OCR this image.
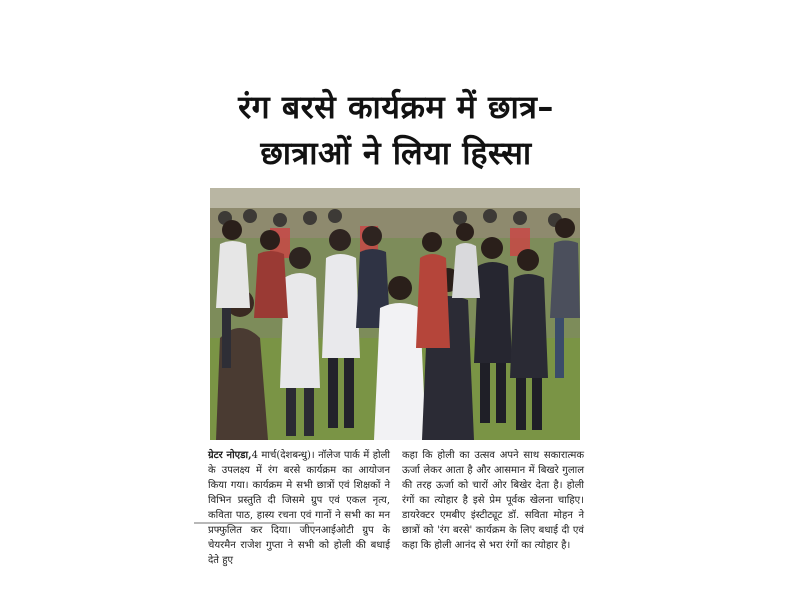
रंग बरसे कार्यक्रम में छात्र–
छात्राओं ने लिया हिस्सा

ग्रेटर नोएडा,4 मार्च(देशबन्धु)। नॉलेज पार्क में होली के उपलक्ष्य में रंग बरसे कार्यक्रम का आयोजन किया गया। कार्यक्रम मे सभी छात्रों एवं शिक्षकों ने विभिन प्रस्तुति दी जिसमे ग्रुप एवं एकल नृत्य, कविता पाठ, हास्य रचना एवं गानों ने सभी का मन प्रफ्फुलित कर दिया। जीएनआईओटी ग्रुप के चेयरमैन राजेश गुप्ता ने सभी को होली की बधाई देते हुए

कहा कि होली का उत्सव अपने साथ सकारात्मक ऊर्जा लेकर आता है और आसमान में बिखरे गुलाल की तरह ऊर्जा को चारों ओर बिखेर देता है। होली रंगों का त्योहार है इसे प्रेम पूर्वक खेलना चाहिए। डायरेक्टर एमबीए इंस्टीट्यूट डॉ. सविता मोहन ने छात्रों को 'रंग बरसे' कार्यक्रम के लिए बधाई दी एवं कहा कि होली आनंद से भरा रंगों का त्योहार है।
